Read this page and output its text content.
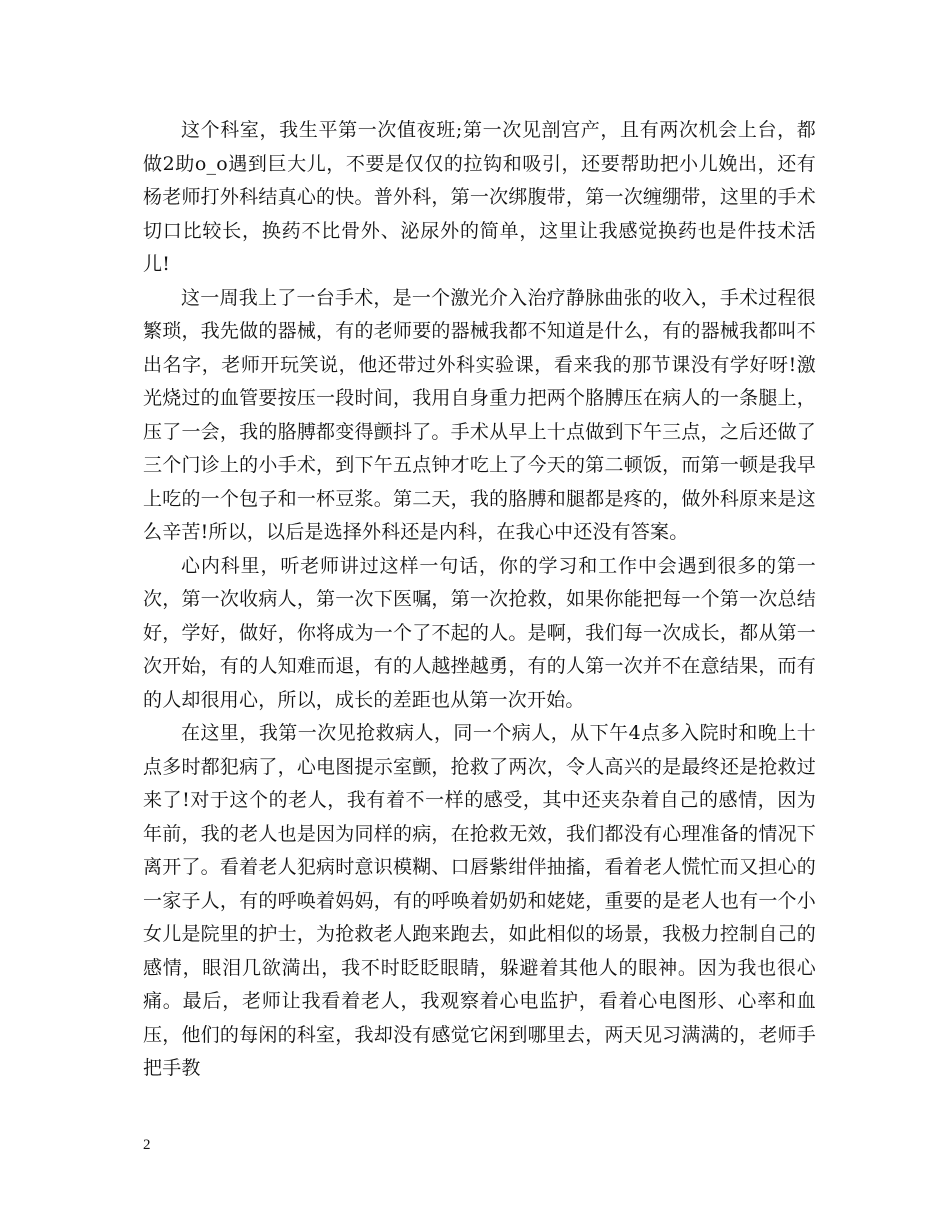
这个科室，我生平第一次值夜班;第一次见剖宫产，且有两次机会上台，都做2助o_o遇到巨大儿，不要是仅仅的拉钩和吸引，还要帮助把小儿娩出，还有杨老师打外科结真心的快。普外科，第一次绑腹带，第一次缠绷带，这里的手术切口比较长，换药不比骨外、泌尿外的简单，这里让我感觉换药也是件技术活儿!

这一周我上了一台手术，是一个激光介入治疗静脉曲张的收入，手术过程很繁琐，我先做的器械，有的老师要的器械我都不知道是什么，有的器械我都叫不出名字，老师开玩笑说，他还带过外科实验课，看来我的那节课没有学好呀!激光烧过的血管要按压一段时间，我用自身重力把两个胳膊压在病人的一条腿上，压了一会，我的胳膊都变得颤抖了。手术从早上十点做到下午三点，之后还做了三个门诊上的小手术，到下午五点钟才吃上了今天的第二顿饭，而第一顿是我早上吃的一个包子和一杯豆浆。第二天，我的胳膊和腿都是疼的，做外科原来是这么辛苦!所以，以后是选择外科还是内科，在我心中还没有答案。

心内科里，听老师讲过这样一句话，你的学习和工作中会遇到很多的第一次，第一次收病人，第一次下医嘱，第一次抢救，如果你能把每一个第一次总结好，学好，做好，你将成为一个了不起的人。是啊，我们每一次成长，都从第一次开始，有的人知难而退，有的人越挫越勇，有的人第一次并不在意结果，而有的人却很用心，所以，成长的差距也从第一次开始。

在这里，我第一次见抢救病人，同一个病人，从下午4点多入院时和晚上十点多时都犯病了，心电图提示室颤，抢救了两次，令人高兴的是最终还是抢救过来了!对于这个的老人，我有着不一样的感受，其中还夹杂着自己的感情，因为年前，我的老人也是因为同样的病，在抢救无效，我们都没有心理准备的情况下离开了。看着老人犯病时意识模糊、口唇紫绀伴抽搐，看着老人慌忙而又担心的一家子人，有的呼唤着妈妈，有的呼唤着奶奶和姥姥，重要的是老人也有一个小女儿是院里的护士，为抢救老人跑来跑去，如此相似的场景，我极力控制自己的感情，眼泪几欲満出，我不时眨眨眼睛，躲避着其他人的眼神。因为我也很心痛。最后，老师让我看着老人，我观察着心电监护，看着心电图形、心率和血压，他们的每闲的科室，我却没有感觉它闲到哪里去，两天见习满满的，老师手把手教

2
